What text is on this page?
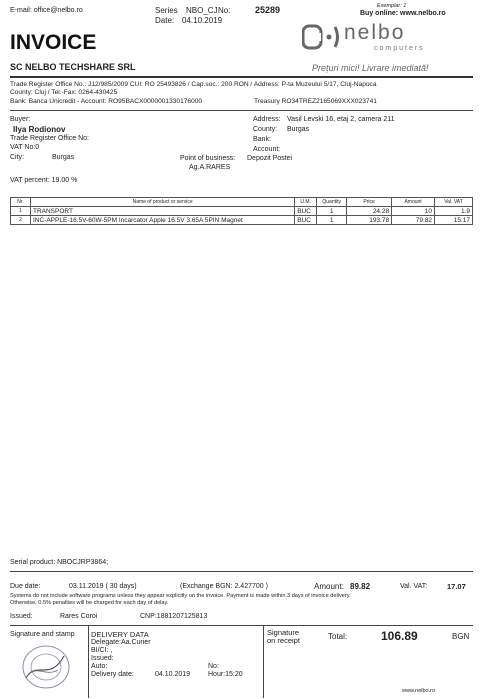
E-mail: office@nelbo.ro	Series NBO_CJ No:	25289
Date: 04.10.2019
Exemplar: 1
Buy online: www.nelbo.ro
INVOICE
SC NELBO TECHSHARE SRL
nelbo
computers
Prețuri mici! Livrare imediată!
Trade Register Office No.: J12/985/2009 CUI: RO 25493826 / Cap.soc.: 200 RON / Address: P-ta Muzeului 5/17, Cluj-Napoca
County: Cluj / Tel.-Fax: 0264-430425
Bank: Banca Unicredit - Account: RO95BACX0000001330176000	Treasury RO34TREZ2165069XXX023741
Buyer:
Ilya Rodionov
Trade Register Office No:
VAT No:0
City:	Burgas
Address: Vasil Levski 16, etaj 2, camera 211
County: Burgas
Bank:
Account:
Point of business: Depozit Postei
Ag.A.RARES
VAT percent: 19.00 %
Nr.	Name of product or service	U.M.	Quantity	Price	Amount	Val. VAT
1	TRANSPORT	BUC	1	24.28	10	1.9
2	INC-APPLE-16.5V-60W-5PM Incarcator Apple 16.5V 3.65A 5PIN Magnet	BUC	1	193.78	79.82	15.17
Serial product: NBOCJRP3864;
Due date:	03.11.2019 ( 30 days)	(Exchange BGN: 2.427700 )	Amount: 89.82	Val. VAT:	17.07
Systems do not include software programs unless they appear explicitly on the invoice. Payment is made within 3 days of invoice delivery.
Otherwise, 0.5% penalties will be charged for each day of delay.
Issued:	Rares Coroi	CNP:1881207125813
Signature and stamp DELIVERY DATA
Delegate:Aa.Curier
BI/CI: ,
Issued:
Auto:	No:
Delivery date:	04.10.2019	Hour:15:20
Signature on receipt	Total:	106.89	BGN
www.nelbo.ro
